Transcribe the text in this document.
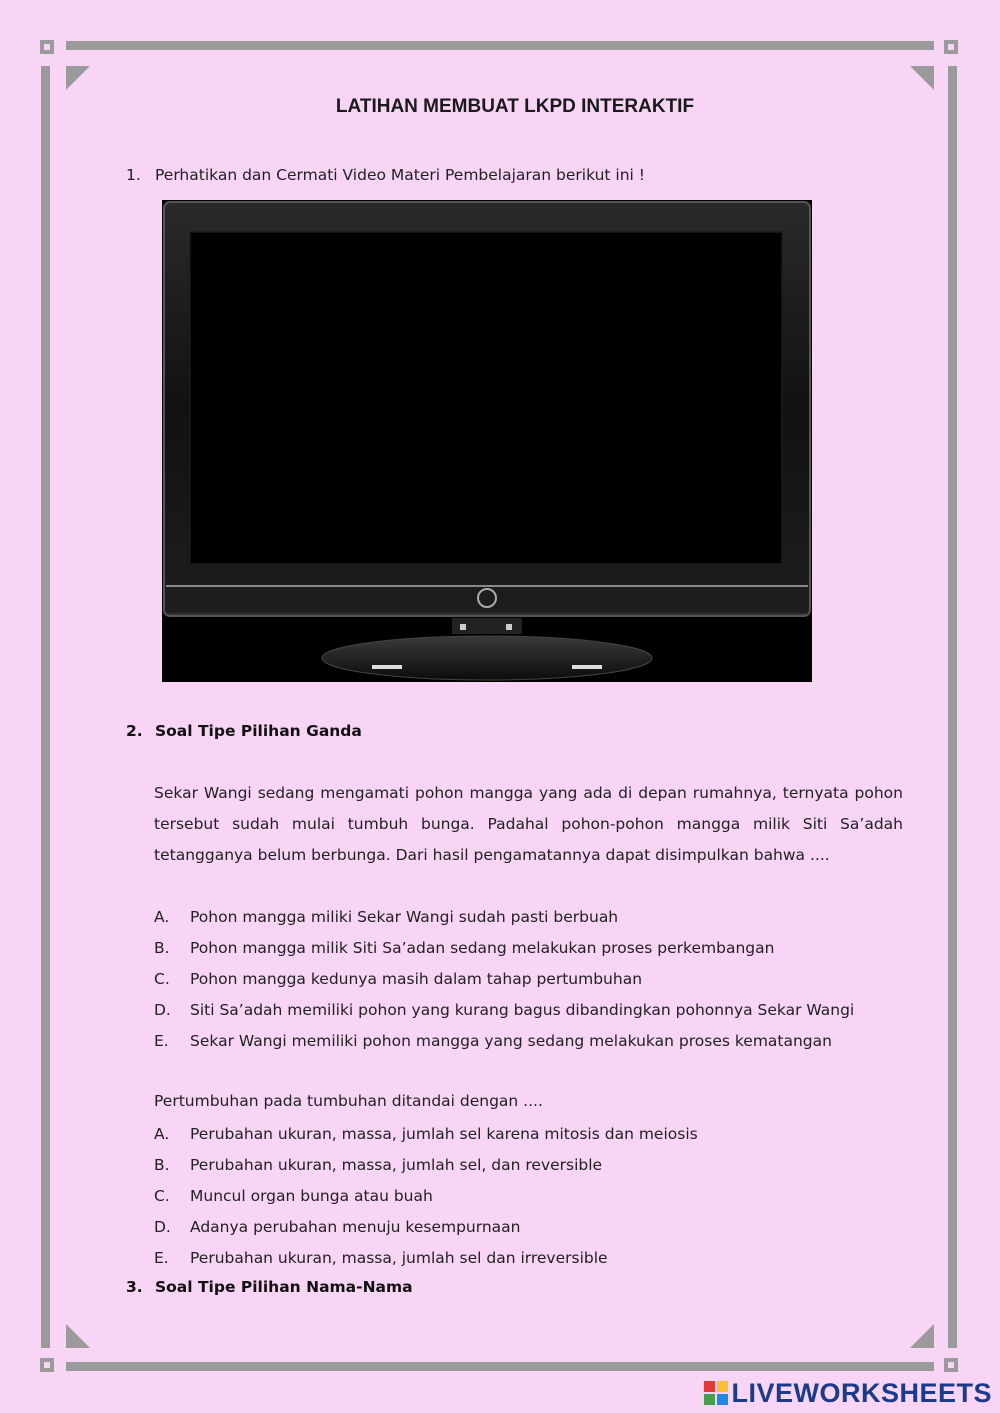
LATIHAN MEMBUAT LKPD INTERAKTIF
1. Perhatikan dan Cermati Video Materi Pembelajaran berikut ini !
2. Soal Tipe Pilihan Ganda

Sekar Wangi sedang mengamati pohon mangga yang ada di depan rumahnya, ternyata pohon tersebut sudah mulai tumbuh bunga. Padahal pohon-pohon mangga milik Siti Sa’adah tetangganya belum berbunga. Dari hasil pengamatannya dapat disimpulkan bahwa ....

A.	Pohon mangga miliki Sekar Wangi sudah pasti berbuah
B.	Pohon mangga milik Siti Sa’adan sedang melakukan proses perkembangan
C.	Pohon mangga kedunya masih dalam tahap pertumbuhan
D.	Siti Sa’adah memiliki pohon yang kurang bagus dibandingkan pohonnya Sekar Wangi
E.	Sekar Wangi memiliki pohon mangga yang sedang melakukan proses kematangan

Pertumbuhan pada tumbuhan ditandai dengan ....

A.	Perubahan ukuran, massa, jumlah sel karena mitosis dan meiosis
B.	Perubahan ukuran, massa, jumlah sel, dan reversible
C.	Muncul organ bunga atau buah
D.	Adanya perubahan menuju kesempurnaan
E.	Perubahan ukuran, massa, jumlah sel dan irreversible
3. Soal Tipe Pilihan Nama-Nama
LIVEWORKSHEETS
